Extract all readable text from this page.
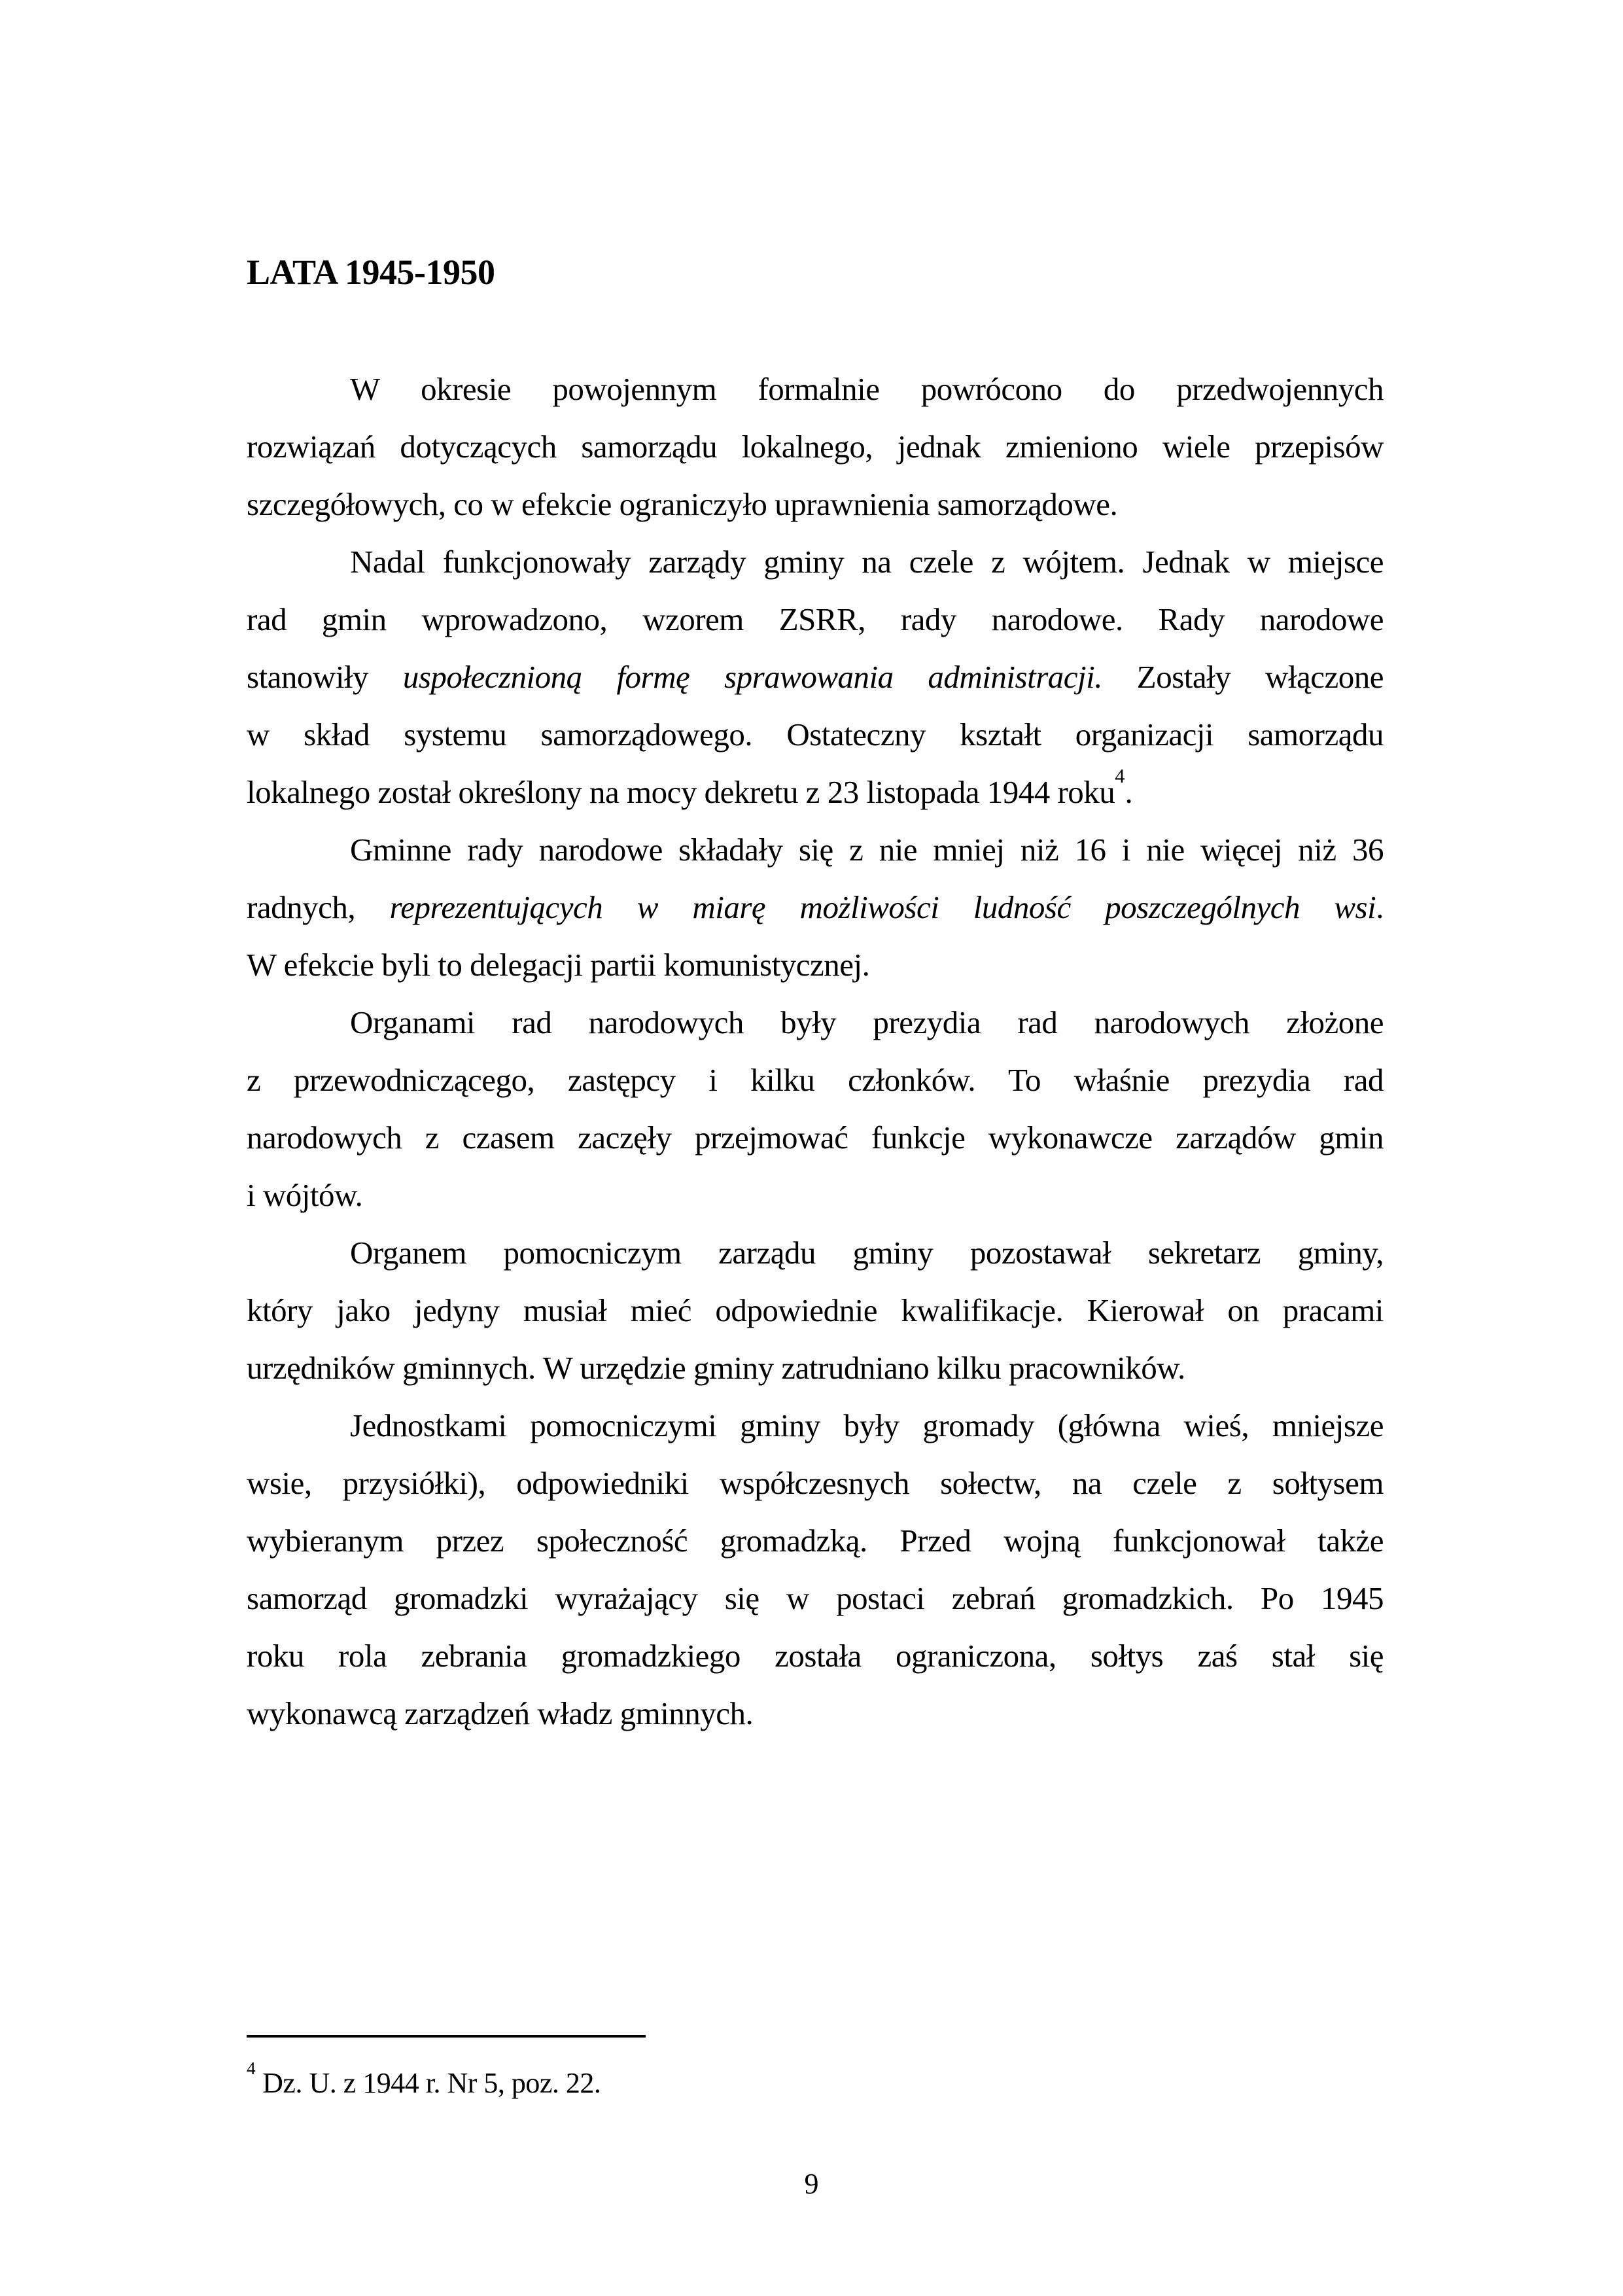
LATA 1945-1950
W okresie powojennym formalnie powrócono do przedwojennych
rozwiązań dotyczących samorządu lokalnego, jednak zmieniono wiele przepisów
szczegółowych, co w efekcie ograniczyło uprawnienia samorządowe.
Nadal funkcjonowały zarządy gminy na czele z wójtem. Jednak w miejsce
rad gmin wprowadzono, wzorem ZSRR, rady narodowe. Rady narodowe
stanowiły uspołecznioną formę sprawowania administracji. Zostały włączone
w skład systemu samorządowego. Ostateczny kształt organizacji samorządu
lokalnego został określony na mocy dekretu z 23 listopada 1944 roku$^4$.
Gminne rady narodowe składały się z nie mniej niż 16 i nie więcej niż 36
radnych, reprezentujących w miarę możliwości ludność poszczególnych wsi.
W efekcie byli to delegacji partii komunistycznej.
Organami rad narodowych były prezydia rad narodowych złożone
z przewodniczącego, zastępcy i kilku członków. To właśnie prezydia rad
narodowych z czasem zaczęły przejmować funkcje wykonawcze zarządów gmin
i wójtów.
Organem pomocniczym zarządu gminy pozostawał sekretarz gminy,
który jako jedyny musiał mieć odpowiednie kwalifikacje. Kierował on pracami
urzędników gminnych. W urzędzie gminy zatrudniano kilku pracowników.
Jednostkami pomocniczymi gminy były gromady (główna wieś, mniejsze
wsie, przysiółki), odpowiedniki współczesnych sołectw, na czele z sołtysem
wybieranym przez społeczność gromadzką. Przed wojną funkcjonował także
samorząd gromadzki wyrażający się w postaci zebrań gromadzkich. Po 1945
roku rola zebrania gromadzkiego została ograniczona, sołtys zaś stał się
wykonawcą zarządzeń władz gminnych.
$^4$ Dz. U. z 1944 r. Nr 5, poz. 22.
9
